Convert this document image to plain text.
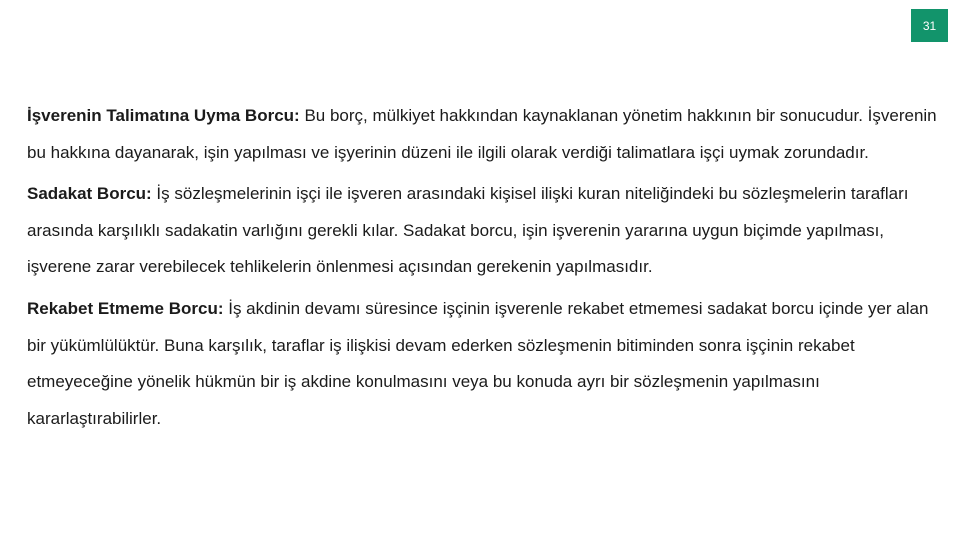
31

İşverenin Talimatına Uyma Borcu: Bu borç, mülkiyet hakkından kaynaklanan yönetim hakkının bir sonucudur. İşverenin bu hakkına dayanarak, işin yapılması ve işyerinin düzeni ile ilgili olarak verdiği talimatlara işçi uymak zorundadır.

Sadakat Borcu: İş sözleşmelerinin işçi ile işveren arasındaki kişisel ilişki kuran niteliğindeki bu sözleşmelerin tarafları arasında karşılıklı sadakatin varlığını gerekli kılar. Sadakat borcu, işin işverenin yararına uygun biçimde yapılması, işverene zarar verebilecek tehlikelerin önlenmesi açısından gerekenin yapılmasıdır.

Rekabet Etmeme Borcu: İş akdinin devamı süresince işçinin işverenle rekabet etmemesi sadakat borcu içinde yer alan bir yükümlülüktür. Buna karşılık, taraflar iş ilişkisi devam ederken sözleşmenin bitiminden sonra işçinin rekabet etmeyeceğine yönelik hükmün bir iş akdine konulmasını veya bu konuda ayrı bir sözleşmenin yapılmasını kararlaştırabilirler.
